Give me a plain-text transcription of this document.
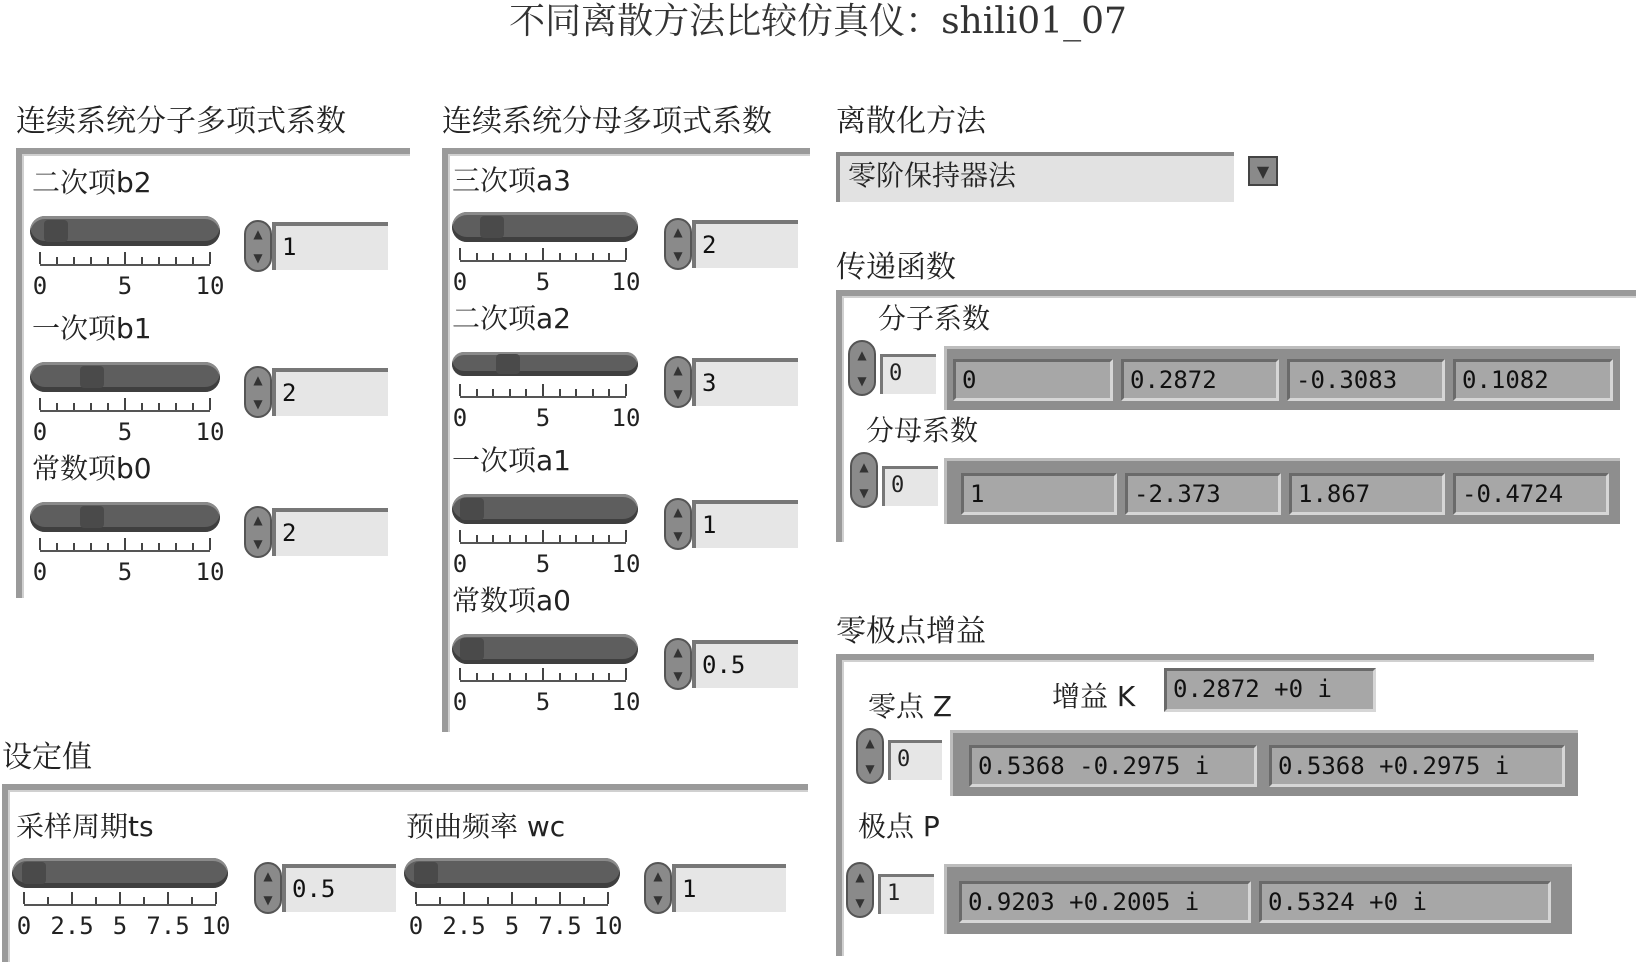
不同离散方法比较仿真仪：shili01_07
连续系统分子多项式系数
二次项b2
0	5	10
▲
▼ 1
一次项b1
0	5	10
▲
▼ 2
常数项b0
0	5	10
▲
▼ 2
连续系统分母多项式系数
三次项a3
0	5	10
▲
▼ 2
二次项a2
0	5	10
▲
▼ 3
一次项a1
0	5	10
▲
▼ 1
常数项a0
0	5	10
▲
▼ 0.5
设定值
采样周期ts
0 2.5 5 7.5 10
▲
▼ 0.5
预曲频率 wc
0 2.5 5 7.5 10
▲
▼ 1
离散化方法
零阶保持器法	▼
传递函数
分子系数
▲
▼	0	0	0.2872	-0.3083	0.1082
分母系数
▲
▼	0	1	-2.373	1.867	-0.4724
零极点增益
增益 K	0.2872 +0 i
零点 Z
▲
▼	0	0.5368 -0.2975 i	0.5368 +0.2975 i
极点 P
▲
▼	1	0.9203 +0.2005 i	0.5324 +0 i
